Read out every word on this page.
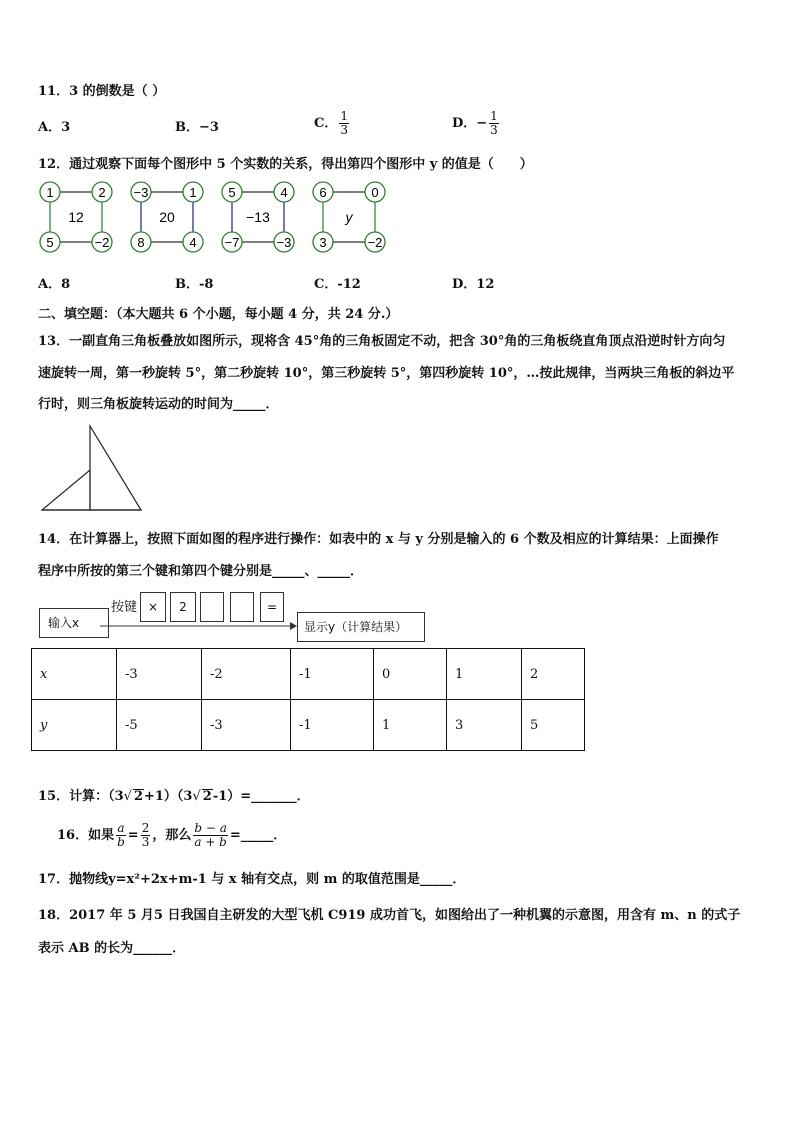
11．3 的倒数是（ ）
A．3	B．−3	C． $\frac{1}{3}$	D．− $\frac{1}{3}$
12．通过观察下面每个图形中 5 个实数的关系，得出第四个图形中 y 的值是（　　）
1	2
5	−2
12
−3	1
8	4
20
5	4
−7	−3
−13
6	0
3	−2
y
A．8	B．-8	C．-12	D．12
二、填空题：（本大题共 6 个小题，每小题 4 分，共 24 分.）
13．一副直角三角板叠放如图所示，现将含 45°角的三角板固定不动，把含 30°角的三角板绕直角顶点沿逆时针方向匀
速旋转一周，第一秒旋转 5°，第二秒旋转 10°，第三秒旋转 5°，第四秒旋转 10°，…按此规律，当两块三角板的斜边平
行时，则三角板旋转运动的时间为_____．
14．在计算器上，按照下面如图的程序进行操作：如表中的 x 与 y 分别是输入的 6 个数及相应的计算结果：上面操作
程序中所按的第三个键和第四个键分别是_____、_____．
输入x
按键 ×	2	=
显示y（计算结果）
x	-3	-2	-1	0	1	2
y	-5	-3	-1	1	3	5
15．计算：（3√ 2+1）（3√ 2-1）=_______．
16．如果 $\frac{a}{b} = \frac{2}{3}$ ，那么 $\frac{b - a}{a + b}$ =_____．
17．抛物线y=x²+2x+m-1 与 x 轴有交点，则 m 的取值范围是_____．
18．2017 年 5 月5 日我国自主研发的大型飞机 C919 成功首飞，如图给出了一种机翼的示意图，用含有 m、n 的式子
表示 AB 的长为______．
